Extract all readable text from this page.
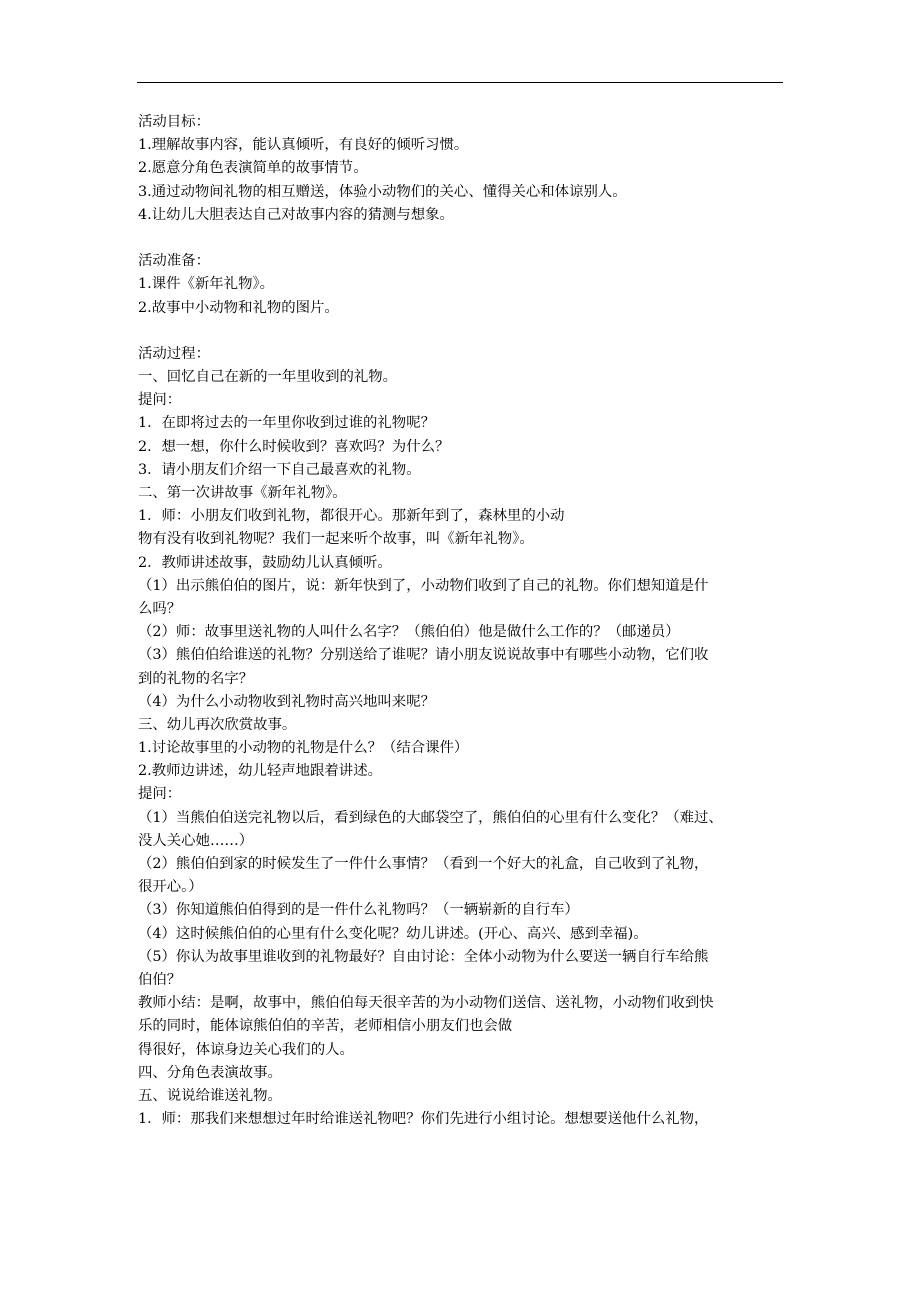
活动目标：
1.理解故事内容，能认真倾听，有良好的倾听习惯。
2.愿意分角色表演简单的故事情节。
3.通过动物间礼物的相互赠送，体验小动物们的关心、懂得关心和体谅别人。
4.让幼儿大胆表达自己对故事内容的猜测与想象。
活动准备：
1.课件《新年礼物》。
2.故事中小动物和礼物的图片。
活动过程：
一、回忆自己在新的一年里收到的礼物。
提问：
1．在即将过去的一年里你收到过谁的礼物呢？
2．想一想，你什么时候收到？喜欢吗？为什么？
3．请小朋友们介绍一下自己最喜欢的礼物。
二、第一次讲故事《新年礼物》。
1．师：小朋友们收到礼物，都很开心。那新年到了，森林里的小动
物有没有收到礼物呢？我们一起来听个故事，叫《新年礼物》。
2．教师讲述故事，鼓励幼儿认真倾听。
（1）出示熊伯伯的图片，说：新年快到了，小动物们收到了自己的礼物。你们想知道是什
么吗？
（2）师：故事里送礼物的人叫什么名字？（熊伯伯）他是做什么工作的？（邮递员）
（3）熊伯伯给谁送的礼物？分别送给了谁呢？请小朋友说说故事中有哪些小动物，它们收
到的礼物的名字？
（4）为什么小动物收到礼物时高兴地叫来呢？
三、幼儿再次欣赏故事。
1.讨论故事里的小动物的礼物是什么？（结合课件）
2.教师边讲述，幼儿轻声地跟着讲述。
提问：
（1）当熊伯伯送完礼物以后，看到绿色的大邮袋空了，熊伯伯的心里有什么变化？（难过、
没人关心她……）
（2）熊伯伯到家的时候发生了一件什么事情？（看到一个好大的礼盒，自己收到了礼物，
很开心。）
（3）你知道熊伯伯得到的是一件什么礼物吗？（一辆崭新的自行车）
（4）这时候熊伯伯的心里有什么变化呢？幼儿讲述。(开心、高兴、感到幸福)。
（5）你认为故事里谁收到的礼物最好？自由讨论：全体小动物为什么要送一辆自行车给熊
伯伯？
教师小结：是啊，故事中，熊伯伯每天很辛苦的为小动物们送信、送礼物，小动物们收到快
乐的同时，能体谅熊伯伯的辛苦，老师相信小朋友们也会做
得很好，体谅身边关心我们的人。
四、分角色表演故事。
五、说说给谁送礼物。
1．师：那我们来想想过年时给谁送礼物吧？你们先进行小组讨论。想想要送他什么礼物，
